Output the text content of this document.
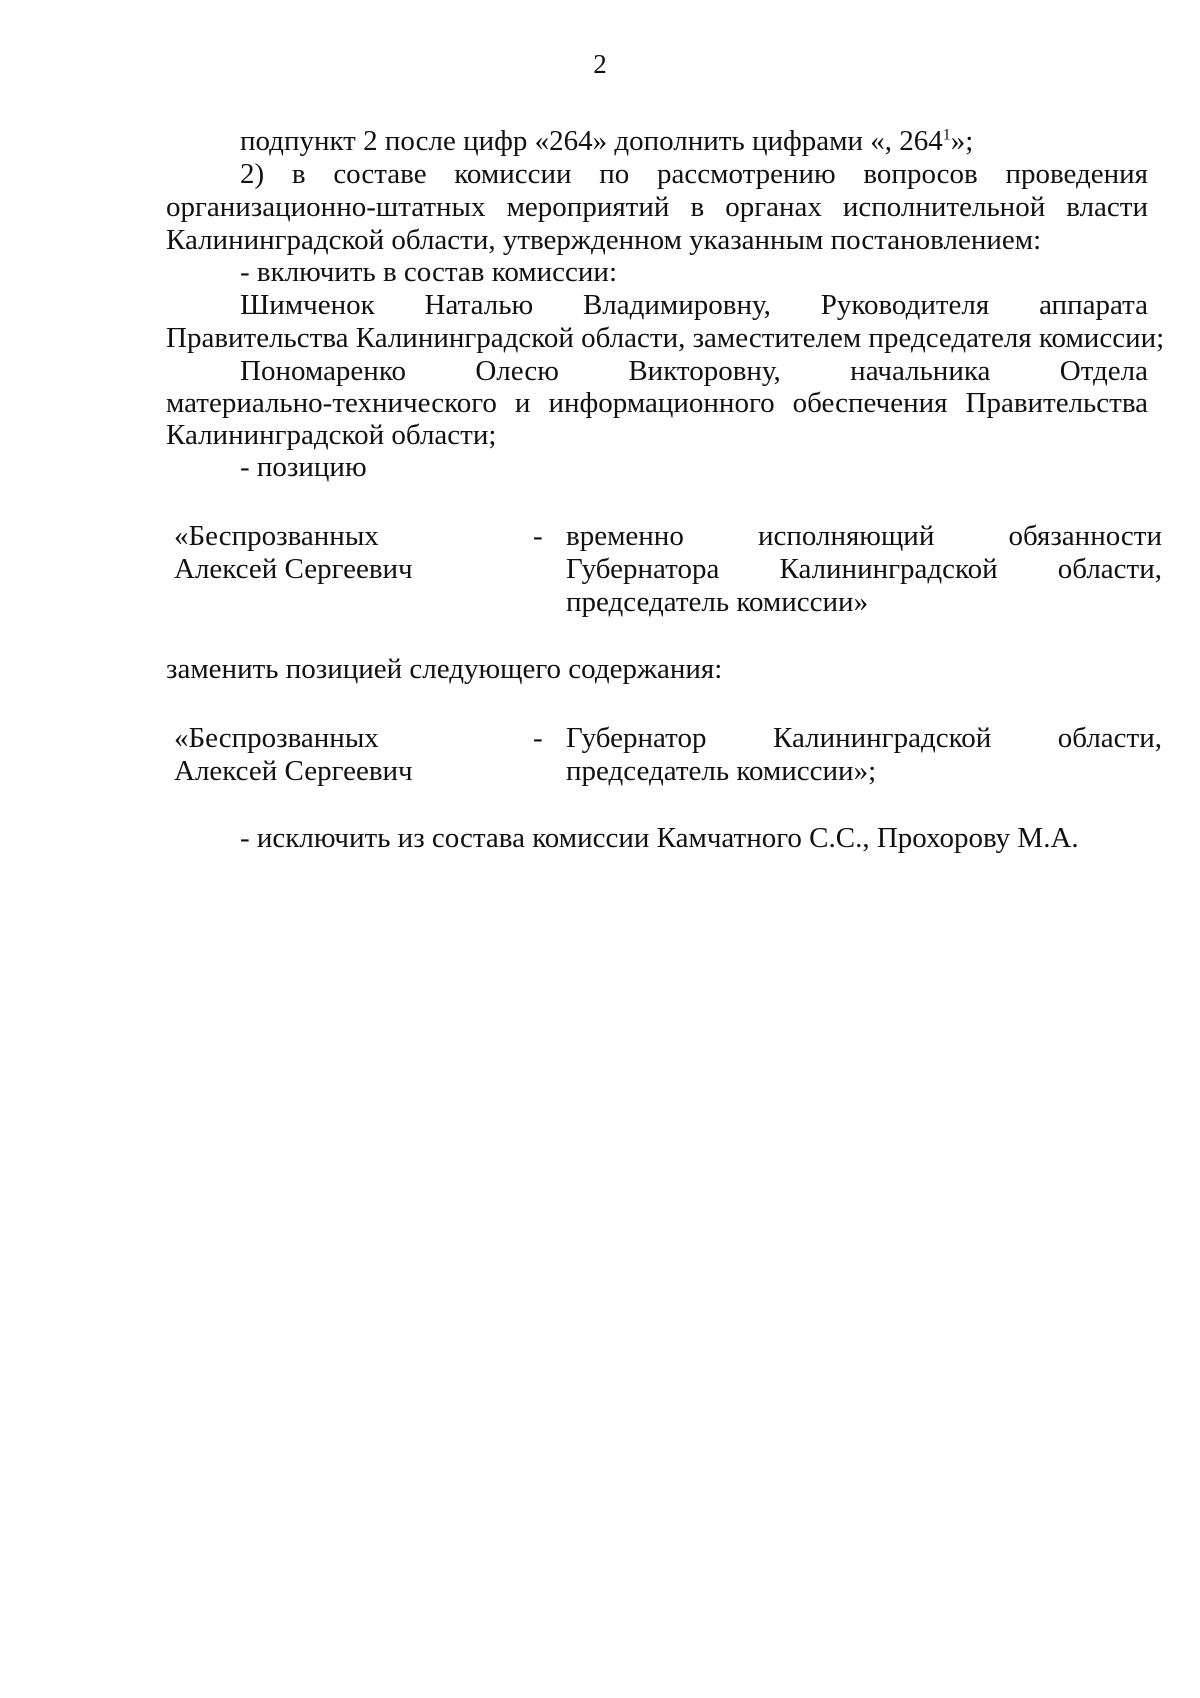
2
подпункт 2 после цифр «264» дополнить цифрами «, $264^1$»;
2) в составе комиссии по рассмотрению вопросов проведения
организационно-штатных мероприятий в органах исполнительной власти
Калининградской области, утвержденном указанным постановлением:
- включить в состав комиссии:
Шимченок Наталью Владимировну, Руководителя аппарата
Правительства Калининградской области, заместителем председателя комиссии;
Пономаренко Олесю Викторовну, начальника Отдела
материально-технического и информационного обеспечения Правительства
Калининградской области;
- позицию
«Беспрозванных
Алексей Сергеевич
- временно исполняющий обязанности
Губернатора Калининградской области,
председатель комиссии»
заменить позицией следующего содержания:
«Беспрозванных
Алексей Сергеевич
- Губернатор Калининградской области,
председатель комиссии»;
- исключить из состава комиссии Камчатного С.С., Прохорову М.А.
